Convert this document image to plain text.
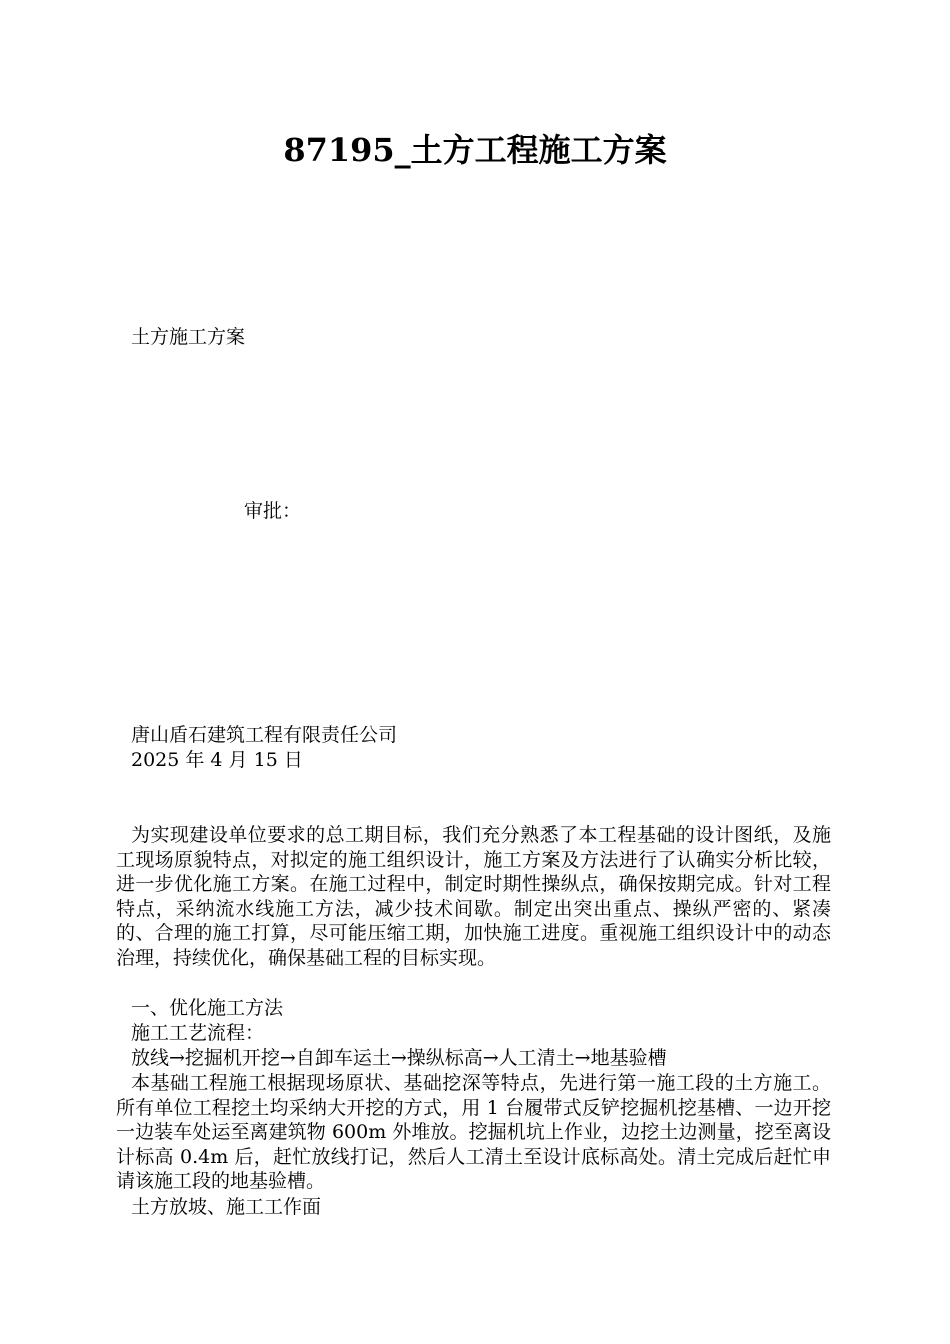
87195_土方工程施工方案
土方施工方案
审批：
唐山盾石建筑工程有限责任公司
2025 年 4 月 15 日

为实现建设单位要求的总工期目标，我们充分熟悉了本工程基础的设计图纸，及施工现场原貌特点，对拟定的施工组织设计，施工方案及方法进行了认确实分析比较，进一步优化施工方案。在施工过程中，制定时期性操纵点，确保按期完成。针对工程特点，采纳流水线施工方法，减少技术间歇。制定出突出重点、操纵严密的、紧凑的、合理的施工打算，尽可能压缩工期，加快施工进度。重视施工组织设计中的动态治理，持续优化，确保基础工程的目标实现。

一、优化施工方法

施工工艺流程：

放线→挖掘机开挖→自卸车运土→操纵标高→人工清土→地基验槽

本基础工程施工根据现场原状、基础挖深等特点，先进行第一施工段的土方施工。所有单位工程挖土均采纳大开挖的方式，用 1 台履带式反铲挖掘机挖基槽、一边开挖一边装车处运至离建筑物 600m 外堆放。挖掘机坑上作业，边挖土边测量，挖至离设计标高 0.4m 后，赶忙放线打记，然后人工清土至设计底标高处。清土完成后赶忙申请该施工段的地基验槽。

土方放坡、施工工作面
